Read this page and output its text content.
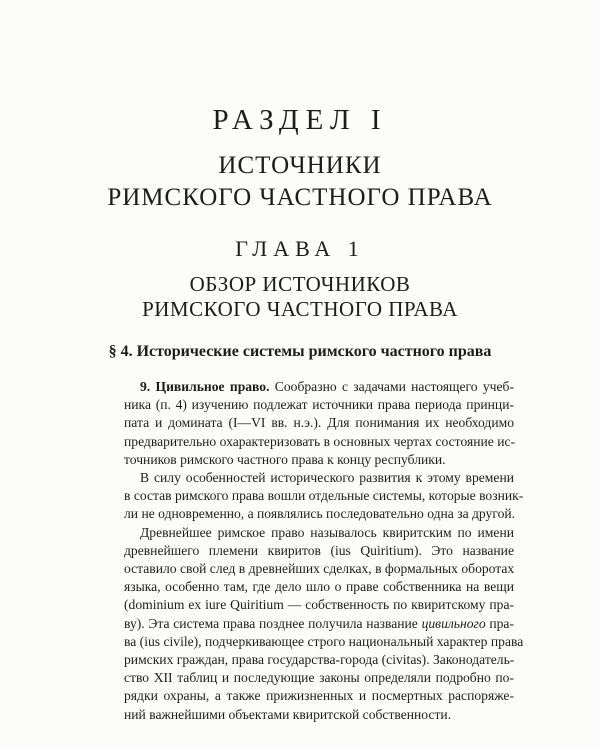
РАЗДЕЛ I
ИСТОЧНИКИ
РИМСКОГО ЧАСТНОГО ПРАВА
ГЛАВА 1
ОБЗОР ИСТОЧНИКОВ
РИМСКОГО ЧАСТНОГО ПРАВА
§ 4. Исторические системы римского частного права
9. Цивильное право. Сообразно с задачами настоящего учеб-
ника (п. 4) изучению подлежат источники права периода принци-
пата и домината (I—VI вв. н.э.). Для понимания их необходимо
предварительно охарактеризовать в основных чертах состояние ис-
точников римского частного права к концу республики.
В силу особенностей исторического развития к этому времени
в состав римского права вошли отдельные системы, которые возник-
ли не одновременно, а появлялись последовательно одна за другой.
Древнейшее римское право называлось квиритским по имени
древнейшего племени квиритов (ius Quiritium). Это название
оставило свой след в древнейших сделках, в формальных оборотах
языка, особенно там, где дело шло о праве собственника на вещи
(dominium ex iure Quiritium — собственность по квиритскому пра-
ву). Эта система права позднее получила название цивильного пра-
ва (ius civile), подчеркивающее строго национальный характер права
римских граждан, права государства-города (civitas). Законодатель-
ство XII таблиц и последующие законы определяли подробно по-
рядки охраны, а также прижизненных и посмертных распоряже-
ний важнейшими объектами квиритской собственности.
